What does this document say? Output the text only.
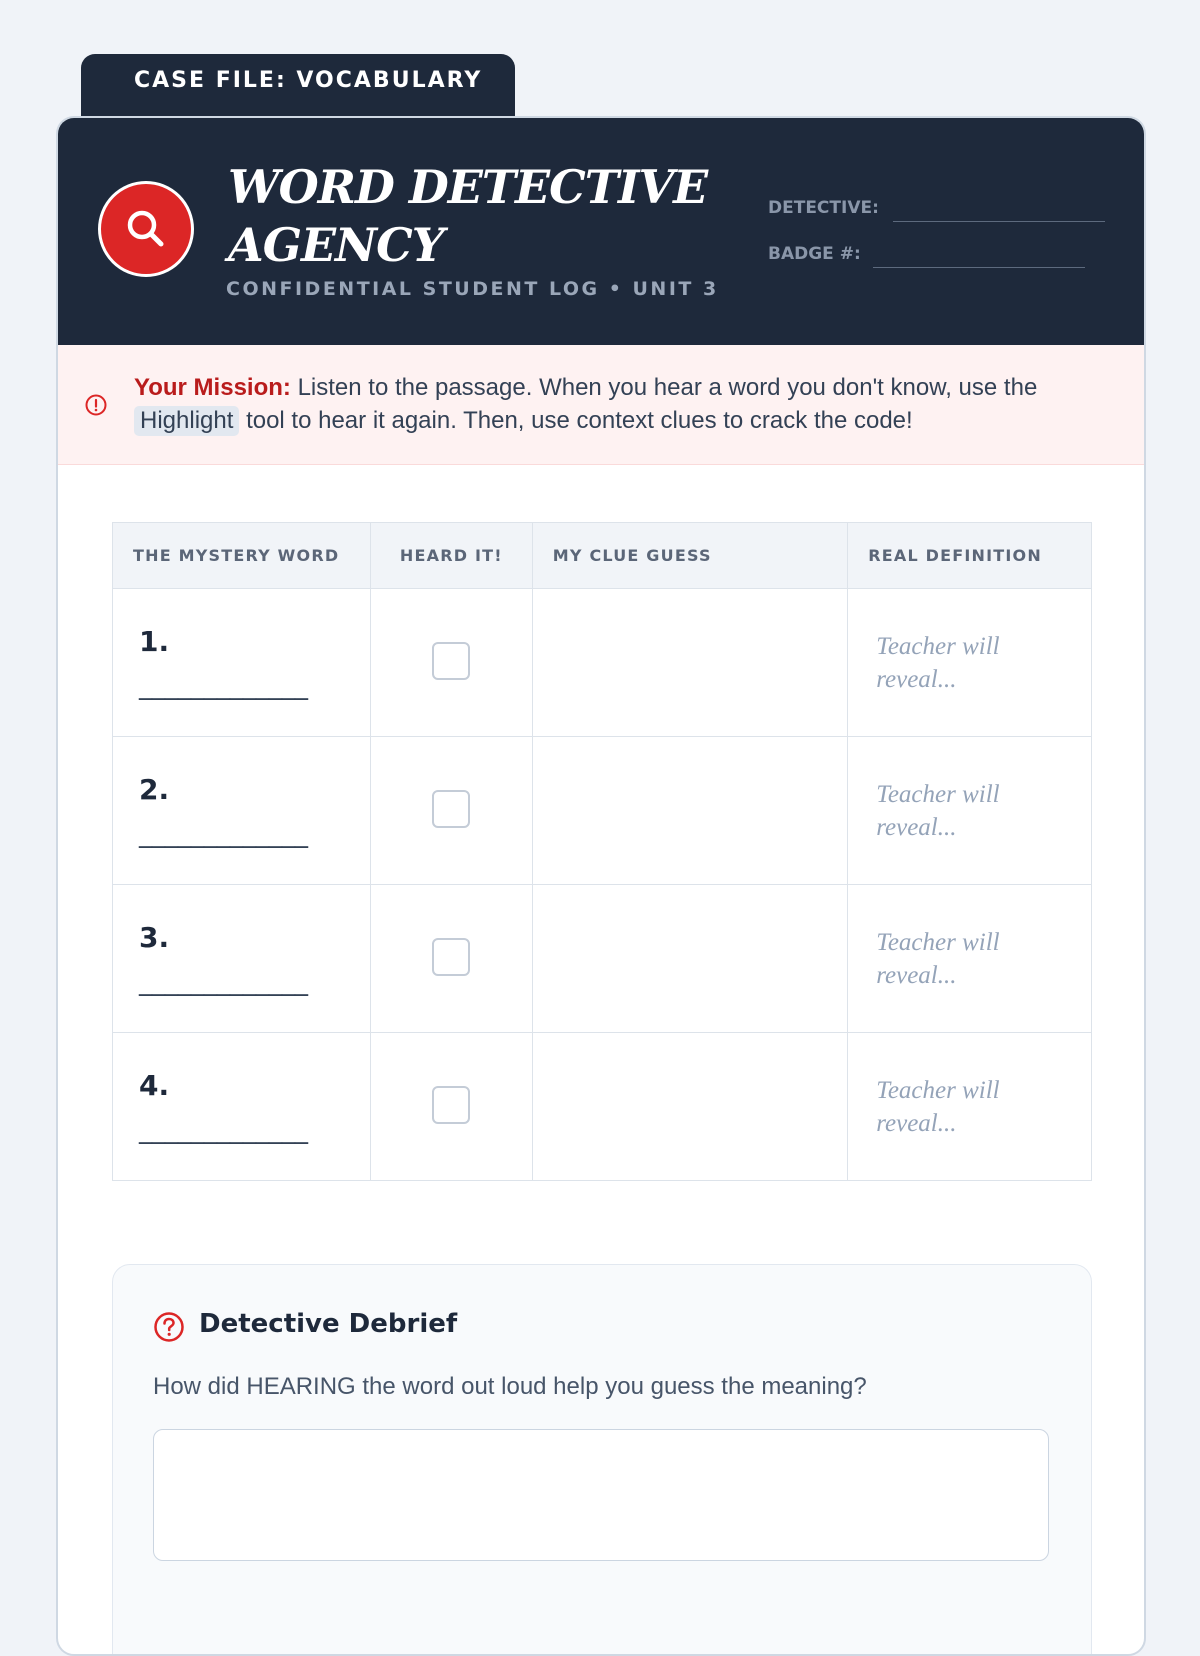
CASE FILE: VOCABULARY
WORD DETECTIVE AGENCY
CONFIDENTIAL STUDENT LOG • UNIT 3
DETECTIVE:
BADGE #:
Your Mission: Listen to the passage. When you hear a word you don't know, use the Highlight tool to hear it again. Then, use context clues to crack the code!
THE MYSTERY WORD	HEARD IT!	MY CLUE GUESS	REAL DEFINITION

1.
_____________			Teacher will reveal...

2.
_____________			Teacher will reveal...

3.
_____________			Teacher will reveal...

4.
_____________			Teacher will reveal...
Detective Debrief
How did HEARING the word out loud help you guess the meaning?
